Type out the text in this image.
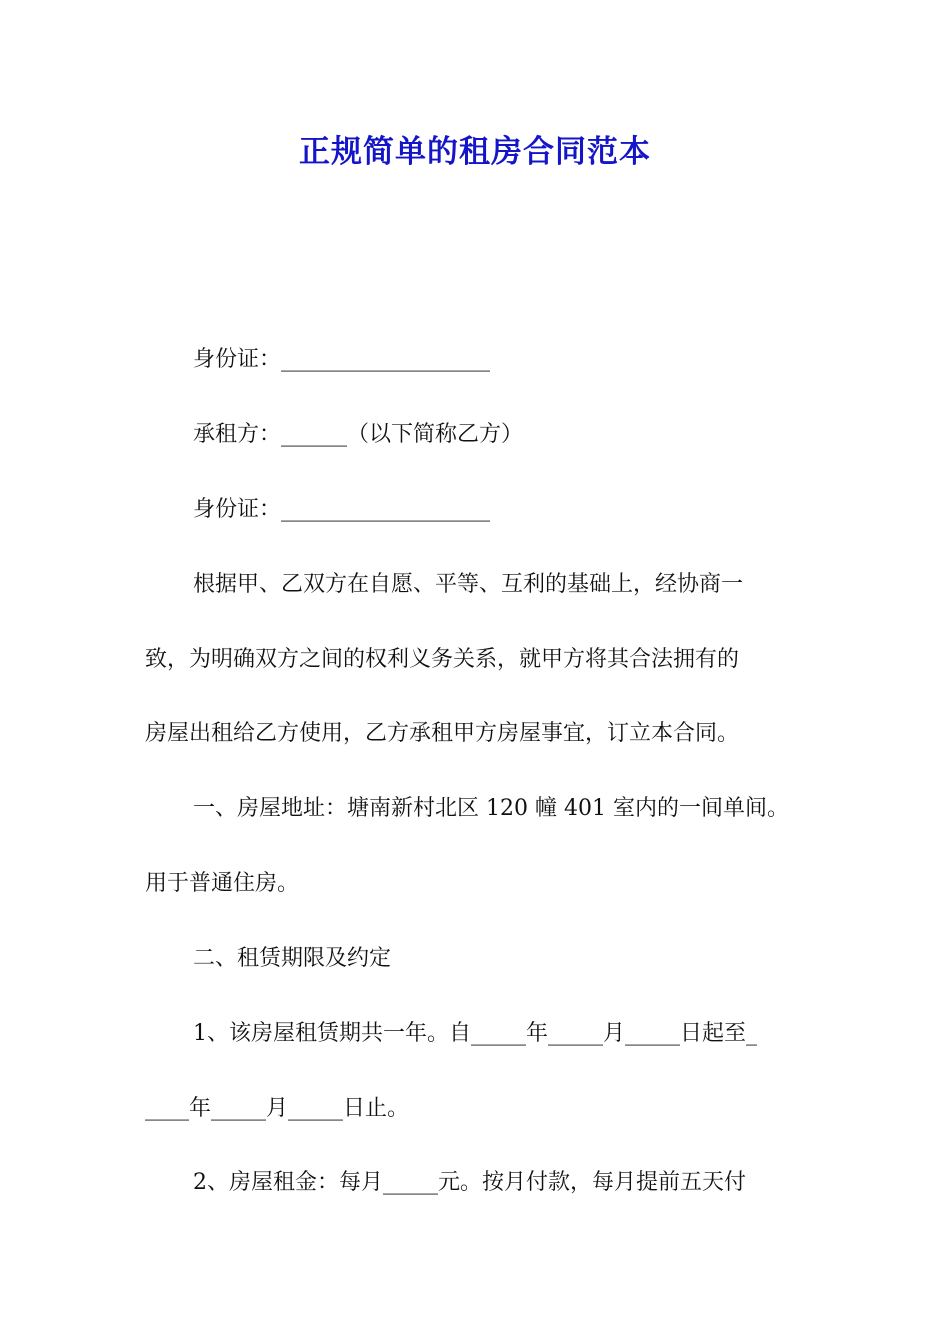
正规简单的租房合同范本

身份证：___________________

承租方：______（以下简称乙方）

身份证：___________________

根据甲、乙双方在自愿、平等、互利的基础上，经协商一

致，为明确双方之间的权利义务关系，就甲方将其合法拥有的

房屋出租给乙方使用，乙方承租甲方房屋事宜，订立本合同。

一、房屋地址：塘南新村北区 120 幢 401 室内的一间单间。

用于普通住房。

二、租赁期限及约定

1、该房屋租赁期共一年。自_____年_____月_____日起至_

____年_____月_____日止。

2、房屋租金：每月_____元。按月付款，每月提前五天付
